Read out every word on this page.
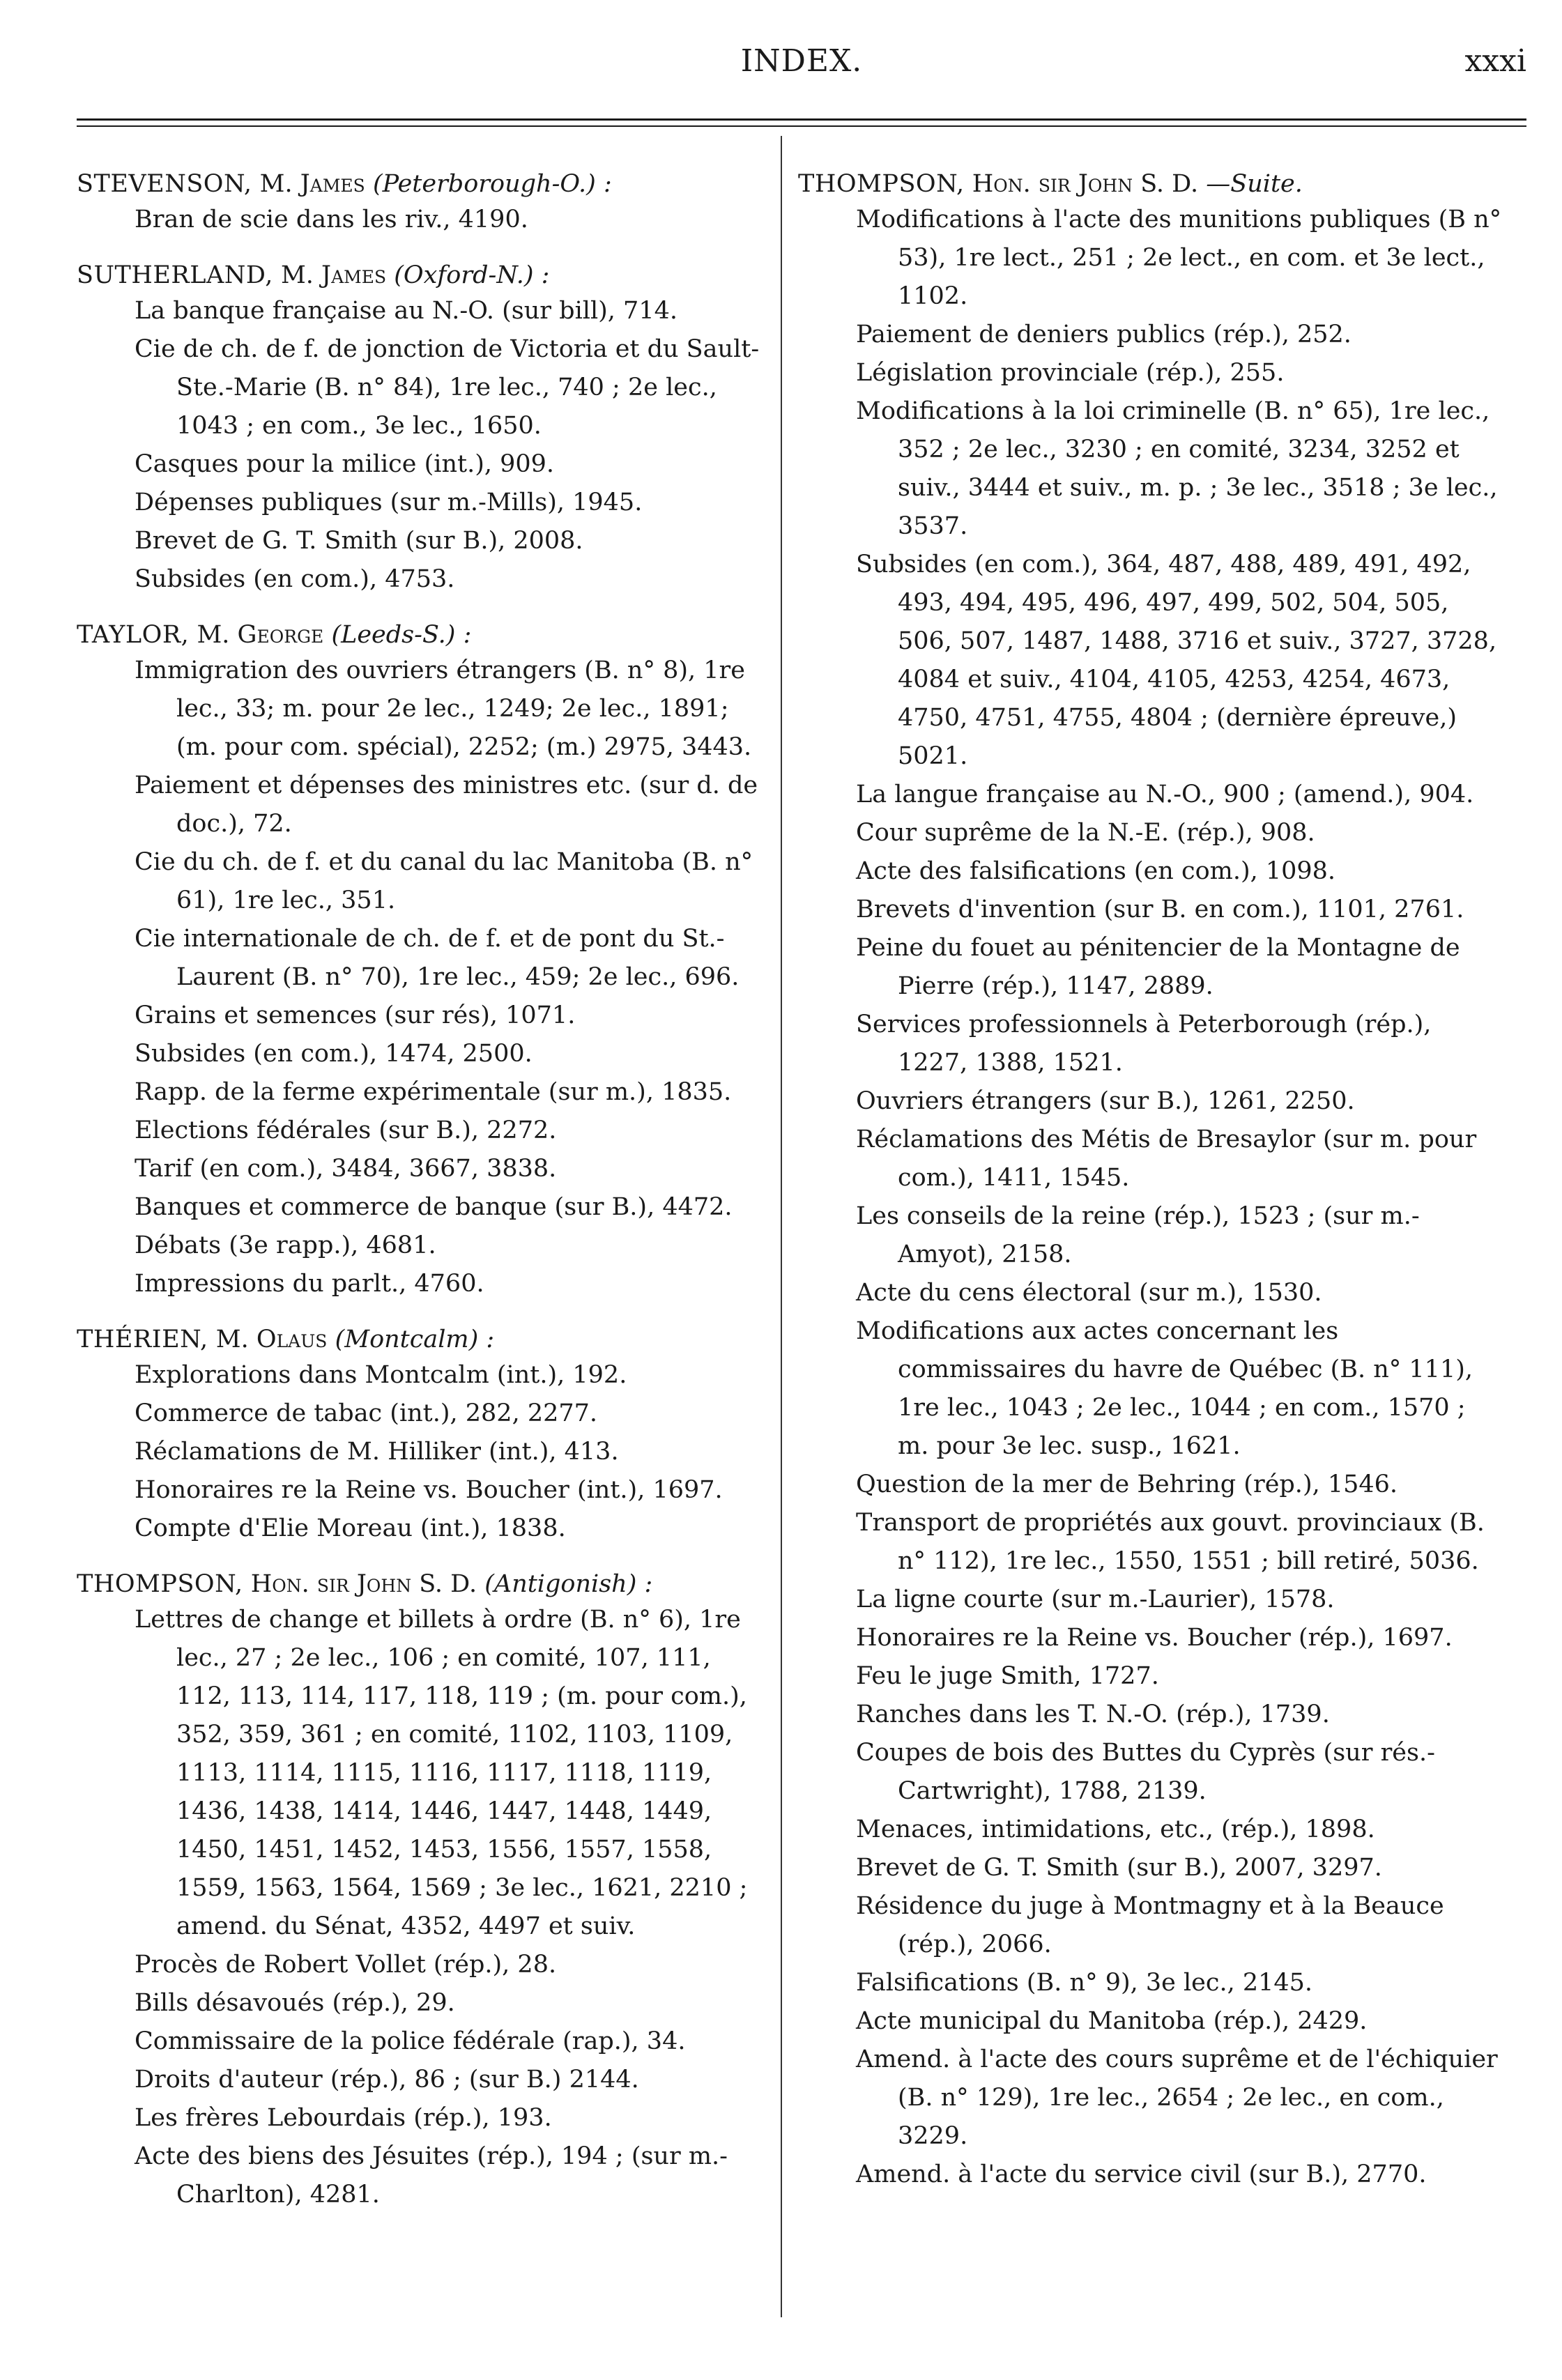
INDEX.	xxxi
STEVENSON, M. James (Peterborough-O.) :
Bran de scie dans les riv., 4190.
SUTHERLAND, M. James (Oxford-N.) :
La banque française au N.-O. (sur bill), 714.
Cie de ch. de f. de jonction de Victoria et du Sault-Ste.-Marie (B. n° 84), 1re lec., 740 ; 2e lec., 1043 ; en com., 3e lec., 1650.
Casques pour la milice (int.), 909.
Dépenses publiques (sur m.-Mills), 1945.
Brevet de G. T. Smith (sur B.), 2008.
Subsides (en com.), 4753.
TAYLOR, M. George (Leeds-S.) :
Immigration des ouvriers étrangers (B. n° 8), 1re lec., 33; m. pour 2e lec., 1249; 2e lec., 1891; (m. pour com. spécial), 2252; (m.) 2975, 3443.
Paiement et dépenses des ministres etc. (sur d. de doc.), 72.
Cie du ch. de f. et du canal du lac Manitoba (B. n° 61), 1re lec., 351.
Cie internationale de ch. de f. et de pont du St.-Laurent (B. n° 70), 1re lec., 459; 2e lec., 696.
Grains et semences (sur rés), 1071.
Subsides (en com.), 1474, 2500.
Rapp. de la ferme expérimentale (sur m.), 1835.
Elections fédérales (sur B.), 2272.
Tarif (en com.), 3484, 3667, 3838.
Banques et commerce de banque (sur B.), 4472.
Débats (3e rapp.), 4681.
Impressions du parlt., 4760.
THÉRIEN, M. Olaus (Montcalm) :
Explorations dans Montcalm (int.), 192.
Commerce de tabac (int.), 282, 2277.
Réclamations de M. Hilliker (int.), 413.
Honoraires re la Reine vs. Boucher (int.), 1697.
Compte d'Elie Moreau (int.), 1838.
THOMPSON, Hon. sir John S. D. (Antigonish) :
Lettres de change et billets à ordre (B. n° 6), 1re lec., 27 ; 2e lec., 106 ; en comité, 107, 111, 112, 113, 114, 117, 118, 119 ; (m. pour com.), 352, 359, 361 ; en comité, 1102, 1103, 1109, 1113, 1114, 1115, 1116, 1117, 1118, 1119, 1436, 1438, 1414, 1446, 1447, 1448, 1449, 1450, 1451, 1452, 1453, 1556, 1557, 1558, 1559, 1563, 1564, 1569 ; 3e lec., 1621, 2210 ; amend. du Sénat, 4352, 4497 et suiv.
Procès de Robert Vollet (rép.), 28.
Bills désavoués (rép.), 29.
Commissaire de la police fédérale (rap.), 34.
Droits d'auteur (rép.), 86 ; (sur B.) 2144.
Les frères Lebourdais (rép.), 193.
Acte des biens des Jésuites (rép.), 194 ; (sur m.-Charlton), 4281.
THOMPSON, Hon. sir John S. D. —Suite.
Modifications à l'acte des munitions publiques (B n° 53), 1re lect., 251 ; 2e lect., en com. et 3e lect., 1102.
Paiement de deniers publics (rép.), 252.
Législation provinciale (rép.), 255.
Modifications à la loi criminelle (B. n° 65), 1re lec., 352 ; 2e lec., 3230 ; en comité, 3234, 3252 et suiv., 3444 et suiv., m. p. ; 3e lec., 3518 ; 3e lec., 3537.
Subsides (en com.), 364, 487, 488, 489, 491, 492, 493, 494, 495, 496, 497, 499, 502, 504, 505, 506, 507, 1487, 1488, 3716 et suiv., 3727, 3728, 4084 et suiv., 4104, 4105, 4253, 4254, 4673, 4750, 4751, 4755, 4804 ; (dernière épreuve,) 5021.
La langue française au N.-O., 900 ; (amend.), 904.
Cour suprême de la N.-E. (rép.), 908.
Acte des falsifications (en com.), 1098.
Brevets d'invention (sur B. en com.), 1101, 2761.
Peine du fouet au pénitencier de la Montagne de Pierre (rép.), 1147, 2889.
Services professionnels à Peterborough (rép.), 1227, 1388, 1521.
Ouvriers étrangers (sur B.), 1261, 2250.
Réclamations des Métis de Bresaylor (sur m. pour com.), 1411, 1545.
Les conseils de la reine (rép.), 1523 ; (sur m.-Amyot), 2158.
Acte du cens électoral (sur m.), 1530.
Modifications aux actes concernant les commissaires du havre de Québec (B. n° 111), 1re lec., 1043 ; 2e lec., 1044 ; en com., 1570 ; m. pour 3e lec. susp., 1621.
Question de la mer de Behring (rép.), 1546.
Transport de propriétés aux gouvt. provinciaux (B. n° 112), 1re lec., 1550, 1551 ; bill retiré, 5036.
La ligne courte (sur m.-Laurier), 1578.
Honoraires re la Reine vs. Boucher (rép.), 1697.
Feu le juge Smith, 1727.
Ranches dans les T. N.-O. (rép.), 1739.
Coupes de bois des Buttes du Cyprès (sur rés.-Cartwright), 1788, 2139.
Menaces, intimidations, etc., (rép.), 1898.
Brevet de G. T. Smith (sur B.), 2007, 3297.
Résidence du juge à Montmagny et à la Beauce (rép.), 2066.
Falsifications (B. n° 9), 3e lec., 2145.
Acte municipal du Manitoba (rép.), 2429.
Amend. à l'acte des cours suprême et de l'échiquier (B. n° 129), 1re lec., 2654 ; 2e lec., en com., 3229.
Amend. à l'acte du service civil (sur B.), 2770.
